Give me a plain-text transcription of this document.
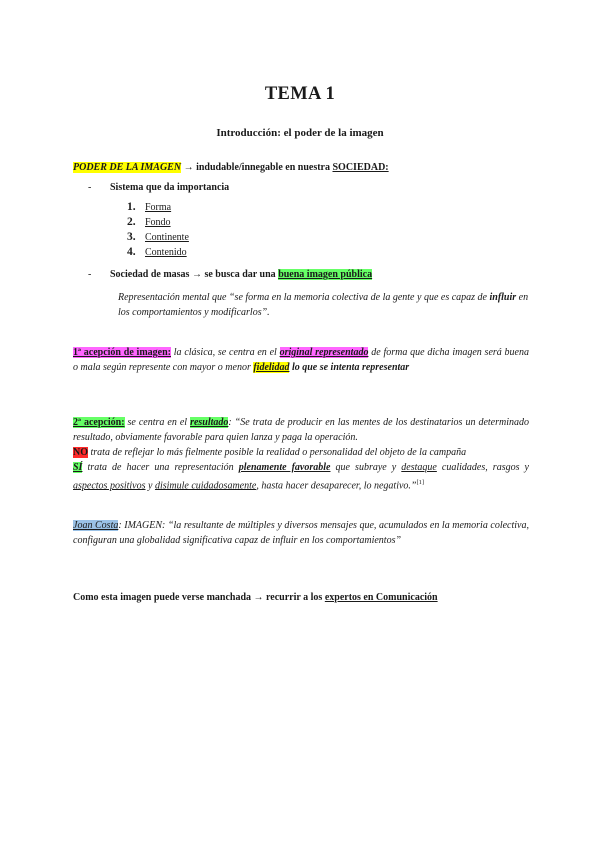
TEMA 1
Introducción: el poder de la imagen
PODER DE LA IMAGEN → indudable/innegable en nuestra SOCIEDAD:
- Sistema que da importancia
1. Forma
2. Fondo
3. Continente
4. Contenido
- Sociedad de masas → se busca dar una buena imagen pública
Representación mental que “se forma en la memoria colectiva de la gente y que es capaz de influir en los comportamientos y modificarlos”.
1ª acepción de imagen: la clásica, se centra en el original representado de forma que dicha imagen será buena o mala según represente con mayor o menor fidelidad lo que se intenta representar
2ª acepción: se centra en el resultado: “Se trata de producir en las mentes de los destinatarios un determinado resultado, obviamente favorable para quien lanza y paga la operación.
NO trata de reflejar lo más fielmente posible la realidad o personalidad del objeto de la campaña
SÍ trata de hacer una representación plenamente favorable que subraye y destaque cualidades, rasgos y aspectos positivos y disimule cuidadosamente, hasta hacer desaparecer, lo negativo.”[1]
Joan Costa: IMAGEN: “la resultante de múltiples y diversos mensajes que, acumulados en la memoria colectiva, configuran una globalidad significativa capaz de influir en los comportamientos”
Como esta imagen puede verse manchada → recurrir a los expertos en Comunicación
